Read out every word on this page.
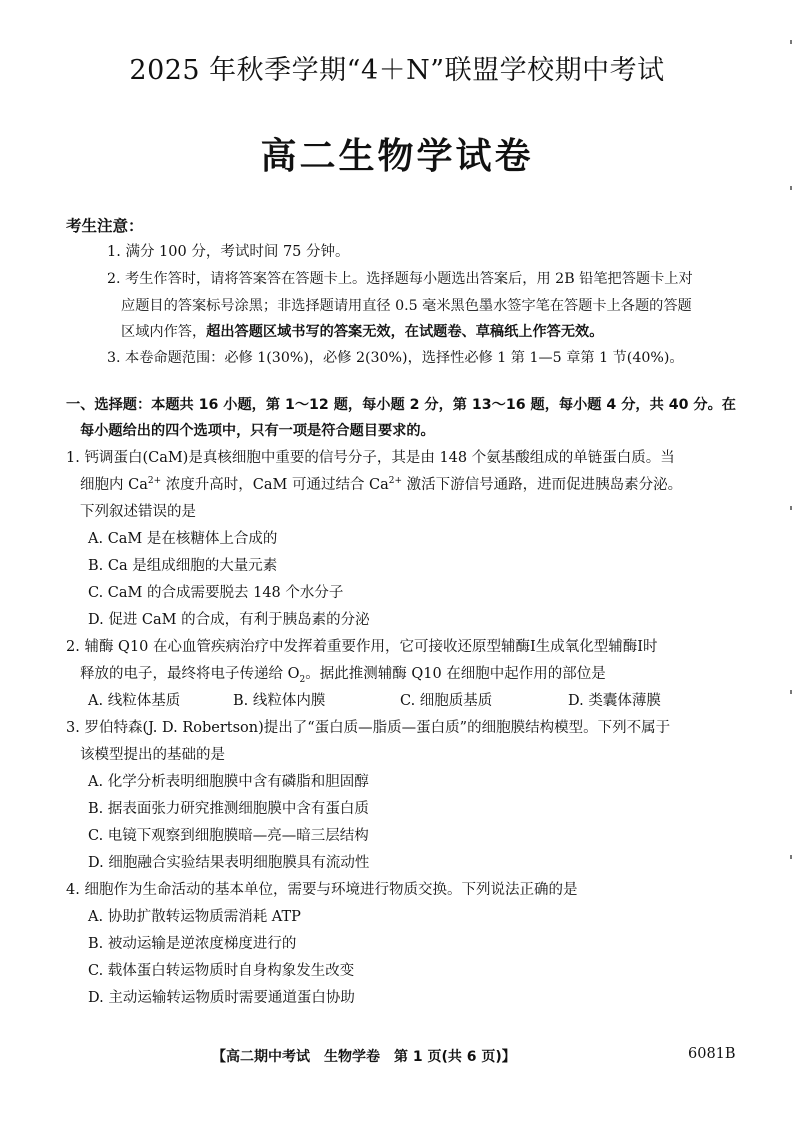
2025 年秋季学期“4＋N”联盟学校期中考试
高二生物学试卷
考生注意：
1. 满分 100 分，考试时间 75 分钟。
2. 考生作答时，请将答案答在答题卡上。选择题每小题选出答案后，用 2B 铅笔把答题卡上对
应题目的答案标号涂黑；非选择题请用直径 0.5 毫米黑色墨水签字笔在答题卡上各题的答题
区域内作答，超出答题区域书写的答案无效，在试题卷、草稿纸上作答无效。
3. 本卷命题范围：必修 1(30%)，必修 2(30%)，选择性必修 1 第 1—5 章第 1 节(40%)。
一、选择题：本题共 16 小题，第 1～12 题，每小题 2 分，第 13～16 题，每小题 4 分，共 40 分。在
每小题给出的四个选项中，只有一项是符合题目要求的。
1. 钙调蛋白(CaM)是真核细胞中重要的信号分子，其是由 148 个氨基酸组成的单链蛋白质。当
细胞内 $Ca^{2+}$ 浓度升高时，CaM 可通过结合 $Ca^{2+}$ 激活下游信号通路，进而促进胰岛素分泌。
下列叙述错误的是
A. CaM 是在核糖体上合成的
B. Ca 是组成细胞的大量元素
C. CaM 的合成需要脱去 148 个水分子
D. 促进 CaM 的合成，有利于胰岛素的分泌
2. 辅酶 Q10 在心血管疾病治疗中发挥着重要作用，它可接收还原型辅酶Ⅰ生成氧化型辅酶Ⅰ时
释放的电子，最终将电子传递给 $O_2$。据此推测辅酶 Q10 在细胞中起作用的部位是
A. 线粒体基质	B. 线粒体内膜	C. 细胞质基质	D. 类囊体薄膜
3. 罗伯特森(J. D. Robertson)提出了“蛋白质—脂质—蛋白质”的细胞膜结构模型。下列不属于
该模型提出的基础的是
A. 化学分析表明细胞膜中含有磷脂和胆固醇
B. 据表面张力研究推测细胞膜中含有蛋白质
C. 电镜下观察到细胞膜暗—亮—暗三层结构
D. 细胞融合实验结果表明细胞膜具有流动性
4. 细胞作为生命活动的基本单位，需要与环境进行物质交换。下列说法正确的是
A. 协助扩散转运物质需消耗 ATP
B. 被动运输是逆浓度梯度进行的
C. 载体蛋白转运物质时自身构象发生改变
D. 主动运输转运物质时需要通道蛋白协助
【高二期中考试　生物学卷　第 1 页(共 6 页)】	6081B
